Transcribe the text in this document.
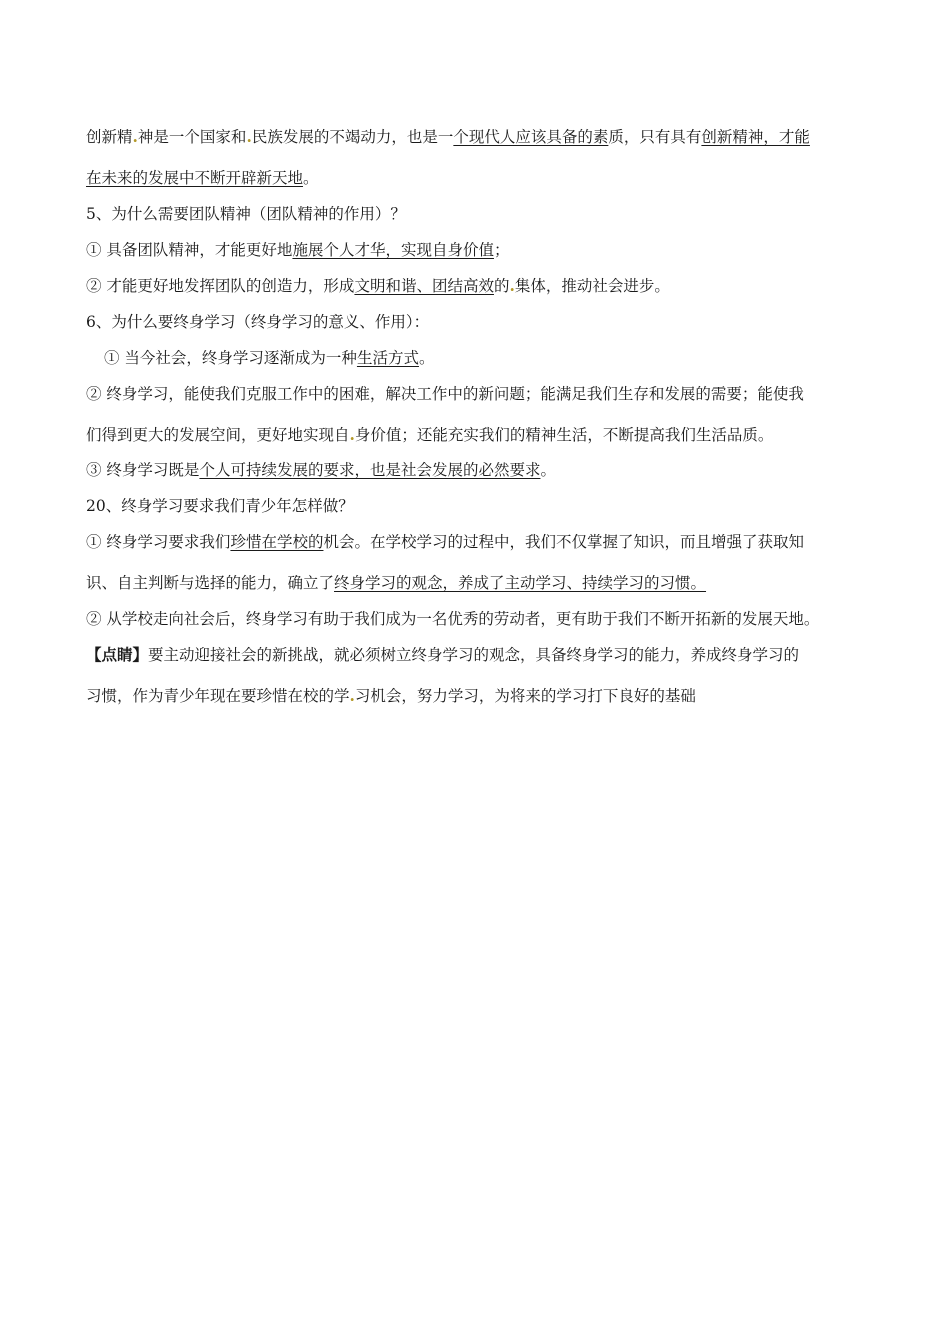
创新精.神是一个国家和.民族发展的不竭动力，也是一个现代人应该具备的素质，只有具有创新精神，才能
在未来的发展中不断开辟新天地。
5、为什么需要团队精神（团队精神的作用）？
① 具备团队精神，才能更好地施展个人才华，实现自身价值；
② 才能更好地发挥团队的创造力，形成文明和谐、团结高效的.集体，推动社会进步。
6、为什么要终身学习（终身学习的意义、作用）：
① 当今社会，终身学习逐渐成为一种生活方式。
② 终身学习，能使我们克服工作中的困难，解决工作中的新问题；能满足我们生存和发展的需要；能使我
们得到更大的发展空间，更好地实现自.身价值；还能充实我们的精神生活，不断提高我们生活品质。
③ 终身学习既是个人可持续发展的要求，也是社会发展的必然要求。
20、终身学习要求我们青少年怎样做？
① 终身学习要求我们珍惜在学校的机会。在学校学习的过程中，我们不仅掌握了知识，而且增强了获取知
识、自主判断与选择的能力，确立了终身学习的观念，养成了主动学习、持续学习的习惯。
② 从学校走向社会后，终身学习有助于我们成为一名优秀的劳动者，更有助于我们不断开拓新的发展天地。
【点睛】要主动迎接社会的新挑战，就必须树立终身学习的观念，具备终身学习的能力，养成终身学习的
习惯，作为青少年现在要珍惜在校的学.习机会，努力学习，为将来的学习打下良好的基础
